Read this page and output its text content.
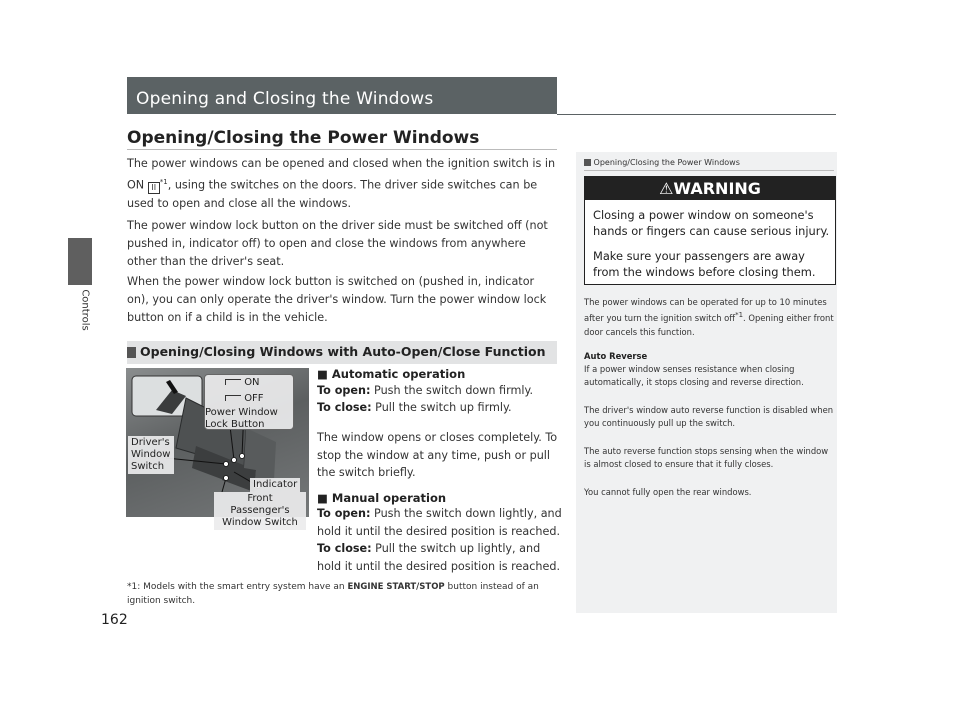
Controls
162
Opening and Closing the Windows
Opening/Closing the Power Windows
The power windows can be opened and closed when the ignition switch is in ON II$^{*1}$, using the switches on the doors. The driver side switches can be used to open and close all the windows.
The power window lock button on the driver side must be switched off (not pushed in, indicator off) to open and close the windows from anywhere other than the driver's seat.
When the power window lock button is switched on (pushed in, indicator on), you can only operate the driver's window. Turn the power window lock button on if a child is in the vehicle.
Opening/Closing Windows with Auto-Open/Close Function
ON
OFF
Power Window Lock Button
Driver's Window Switch
Indicator
Front Passenger's Window Switch
■ Automatic operation
To open: Push the switch down firmly.
To close: Pull the switch up firmly.
The window opens or closes completely. To stop the window at any time, push or pull the switch briefly.
■ Manual operation
To open: Push the switch down lightly, and hold it until the desired position is reached.
To close: Pull the switch up lightly, and hold it until the desired position is reached.
*1: Models with the smart entry system have an ENGINE START/STOP button instead of an ignition switch.
Opening/Closing the Power Windows
⚠WARNING
Closing a power window on someone's hands or fingers can cause serious injury.
Make sure your passengers are away from the windows before closing them.
The power windows can be operated for up to 10 minutes after you turn the ignition switch off$^{*1}$. Opening either front door cancels this function.
Auto Reverse
If a power window senses resistance when closing automatically, it stops closing and reverse direction.
The driver's window auto reverse function is disabled when you continuously pull up the switch.
The auto reverse function stops sensing when the window is almost closed to ensure that it fully closes.
You cannot fully open the rear windows.
